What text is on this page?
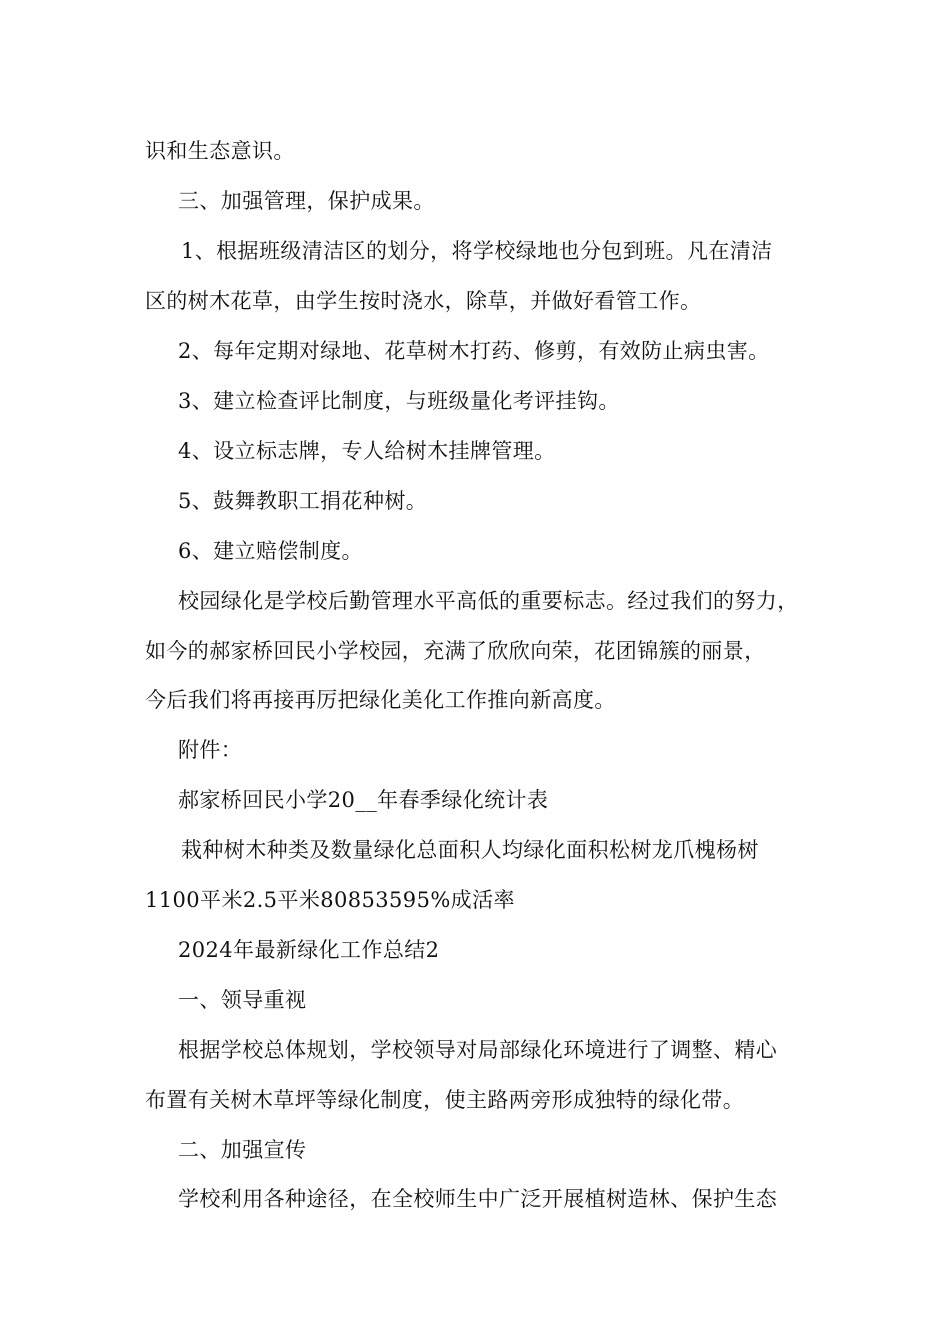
识和生态意识。
三、加强管理，保护成果。
1、根据班级清洁区的划分，将学校绿地也分包到班。凡在清洁
区的树木花草，由学生按时浇水，除草，并做好看管工作。
2、每年定期对绿地、花草树木打药、修剪，有效防止病虫害。
3、建立检查评比制度，与班级量化考评挂钩。
4、设立标志牌，专人给树木挂牌管理。
5、鼓舞教职工捐花种树。
6、建立赔偿制度。
校园绿化是学校后勤管理水平高低的重要标志。经过我们的努力，
如今的郝家桥回民小学校园，充满了欣欣向荣，花团锦簇的丽景，
今后我们将再接再厉把绿化美化工作推向新高度。
附件：
郝家桥回民小学20__年春季绿化统计表
栽种树木种类及数量绿化总面积人均绿化面积松树龙爪槐杨树
1100平米2.5平米80853595%成活率
2024年最新绿化工作总结2
一、领导重视
根据学校总体规划，学校领导对局部绿化环境进行了调整、精心
布置有关树木草坪等绿化制度，使主路两旁形成独特的绿化带。
二、加强宣传
学校利用各种途径，在全校师生中广泛开展植树造林、保护生态
